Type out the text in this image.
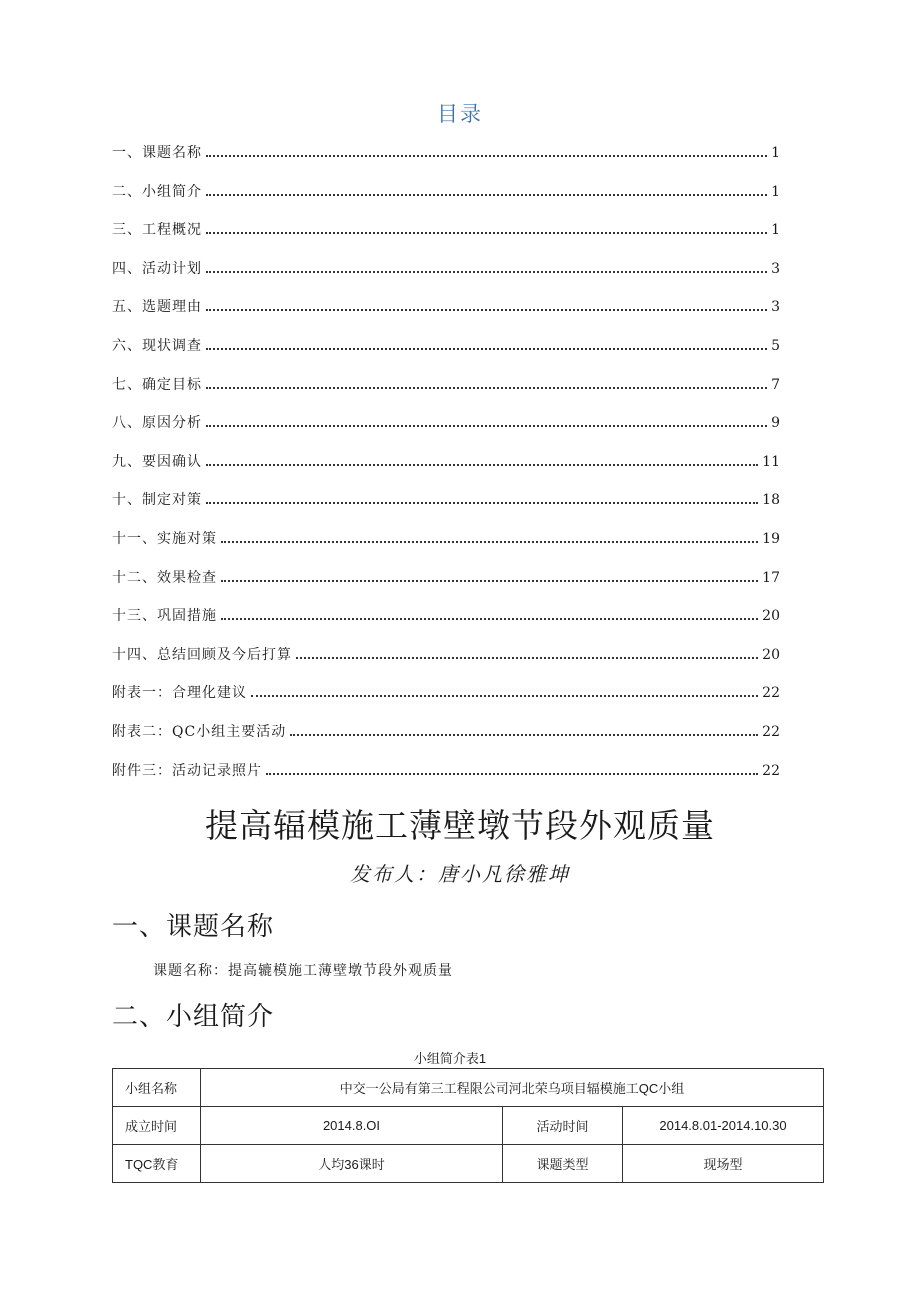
目录
一、课题名称	1
二、小组简介	1
三、工程概况	1
四、活动计划	3
五、选题理由	3
六、现状调查	5
七、确定目标	7
八、原因分析	9
九、要因确认	11
十、制定对策	18
十一、实施对策	19
十二、效果检查	17
十三、巩固措施	20
十四、总结回顾及今后打算	20
附表一：合理化建议	22
附表二：QC小组主要活动	22
附件三：活动记录照片	22
提高辐模施工薄壁墩节段外观质量
发布人：唐小凡徐雅坤
一、课题名称
课题名称：提高辘模施工薄壁墩节段外观质量
二、小组简介
小组简介表1
小组名称	中交一公局有第三工程限公司河北荣乌项目辐模施工QC小组		
成立时间	2014.8.OI	活动时间	2014.8.01-2014.10.30
TQC教育	人均36课时	课题类型	现场型
